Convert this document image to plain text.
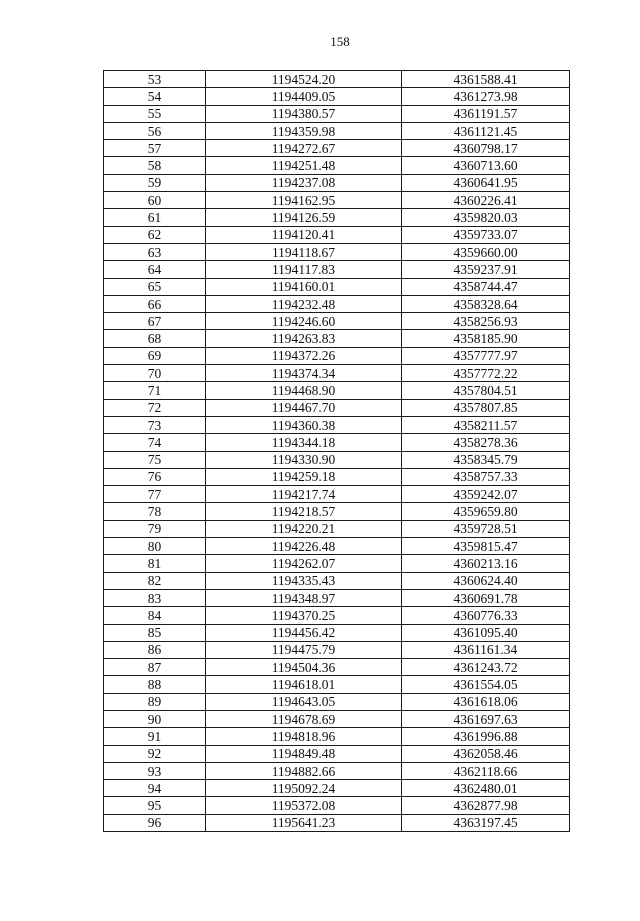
158
53	1194524.20	4361588.41
54	1194409.05	4361273.98
55	1194380.57	4361191.57
56	1194359.98	4361121.45
57	1194272.67	4360798.17
58	1194251.48	4360713.60
59	1194237.08	4360641.95
60	1194162.95	4360226.41
61	1194126.59	4359820.03
62	1194120.41	4359733.07
63	1194118.67	4359660.00
64	1194117.83	4359237.91
65	1194160.01	4358744.47
66	1194232.48	4358328.64
67	1194246.60	4358256.93
68	1194263.83	4358185.90
69	1194372.26	4357777.97
70	1194374.34	4357772.22
71	1194468.90	4357804.51
72	1194467.70	4357807.85
73	1194360.38	4358211.57
74	1194344.18	4358278.36
75	1194330.90	4358345.79
76	1194259.18	4358757.33
77	1194217.74	4359242.07
78	1194218.57	4359659.80
79	1194220.21	4359728.51
80	1194226.48	4359815.47
81	1194262.07	4360213.16
82	1194335.43	4360624.40
83	1194348.97	4360691.78
84	1194370.25	4360776.33
85	1194456.42	4361095.40
86	1194475.79	4361161.34
87	1194504.36	4361243.72
88	1194618.01	4361554.05
89	1194643.05	4361618.06
90	1194678.69	4361697.63
91	1194818.96	4361996.88
92	1194849.48	4362058.46
93	1194882.66	4362118.66
94	1195092.24	4362480.01
95	1195372.08	4362877.98
96	1195641.23	4363197.45
